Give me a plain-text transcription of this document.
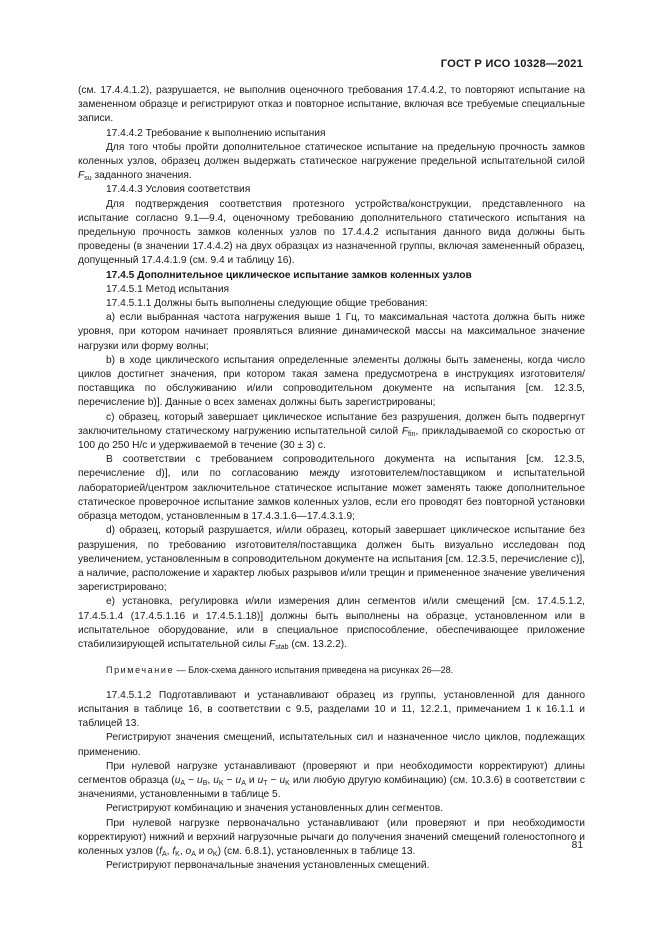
ГОСТ Р ИСО 10328—2021

(см. 17.4.4.1.2), разрушается, не выполнив оценочного требования 17.4.4.2, то повторяют испытание на замененном образце и регистрируют отказ и повторное испытание, включая все требуемые специальные записи.

17.4.4.2 Требование к выполнению испытания

Для того чтобы пройти дополнительное статическое испытание на предельную прочность замков коленных узлов, образец должен выдержать статическое нагружение предельной испытательной силой $F_{su}$ заданного значения.

17.4.4.3 Условия соответствия

Для подтверждения соответствия протезного устройства/конструкции, представленного на испытание согласно 9.1—9.4, оценочному требованию дополнительного статического испытания на предельную прочность замков коленных узлов по 17.4.4.2 испытания данного вида должны быть проведены (в значении 17.4.4.2) на двух образцах из назначенной группы, включая замененный образец, допущенный 17.4.4.1.9 (см. 9.4 и таблицу 16).

17.4.5 Дополнительное циклическое испытание замков коленных узлов

17.4.5.1 Метод испытания

17.4.5.1.1 Должны быть выполнены следующие общие требования:

а) если выбранная частота нагружения выше 1 Гц, то максимальная частота должна быть ниже уровня, при котором начинает проявляться влияние динамической массы на максимальное значение нагрузки или форму волны;

b) в ходе циклического испытания определенные элементы должны быть заменены, когда число циклов достигнет значения, при котором такая замена предусмотрена в инструкциях изготовителя/поставщика по обслуживанию и/или сопроводительном документе на испытания [см. 12.3.5, перечисление b)]. Данные о всех заменах должны быть зарегистрированы;

c) образец, который завершает циклическое испытание без разрушения, должен быть подвергнут заключительному статическому нагружению испытательной силой $F_{fin}$, прикладываемой со скоростью от 100 до 250 Н/с и удерживаемой в течение (30 ± 3) с.

В соответствии с требованием сопроводительного документа на испытания [см. 12.3.5, перечисление d)], или по согласованию между изготовителем/поставщиком и испытательной лабораторией/центром заключительное статическое испытание может заменять также дополнительное статическое проверочное испытание замков коленных узлов, если его проводят без повторной установки образца методом, установленным в 17.4.3.1.6—17.4.3.1.9;

d) образец, который разрушается, и/или образец, который завершает циклическое испытание без разрушения, по требованию изготовителя/поставщика должен быть визуально исследован под увеличением, установленным в сопроводительном документе на испытания [см. 12.3.5, перечисление c)], а наличие, расположение и характер любых разрывов и/или трещин и примененное значение увеличения зарегистрировано;

e) установка, регулировка и/или измерения длин сегментов и/или смещений [см. 17.4.5.1.2, 17.4.5.1.4 (17.4.5.1.16 и 17.4.5.1.18)] должны быть выполнены на образце, установленном или в испытательное оборудование, или в специальное приспособление, обеспечивающее приложение стабилизирующей испытательной силы $F_{stab}$ (см. 13.2.2).

Примечание — Блок-схема данного испытания приведена на рисунках 26—28.

17.4.5.1.2 Подготавливают и устанавливают образец из группы, установленной для данного испытания в таблице 16, в соответствии с 9.5, разделами 10 и 11, 12.2.1, примечанием 1 к 16.1.1 и таблицей 13.

Регистрируют значения смещений, испытательных сил и назначенное число циклов, подлежащих применению.

При нулевой нагрузке устанавливают (проверяют и при необходимости корректируют) длины сегментов образца ($u_A - u_B$, $u_K - u_A$ и $u_T - u_K$ или любую другую комбинацию) (см. 10.3.6) в соответствии с значениями, установленными в таблице 5.

Регистрируют комбинацию и значения установленных длин сегментов.

При нулевой нагрузке первоначально устанавливают (или проверяют и при необходимости корректируют) нижний и верхний нагрузочные рычаги до получения значений смещений голеностопного и коленных узлов ($f_A$, $f_K$, $o_A$ и $o_K$) (см. 6.8.1), установленных в таблице 13.

Регистрируют первоначальные значения установленных смещений.

81
